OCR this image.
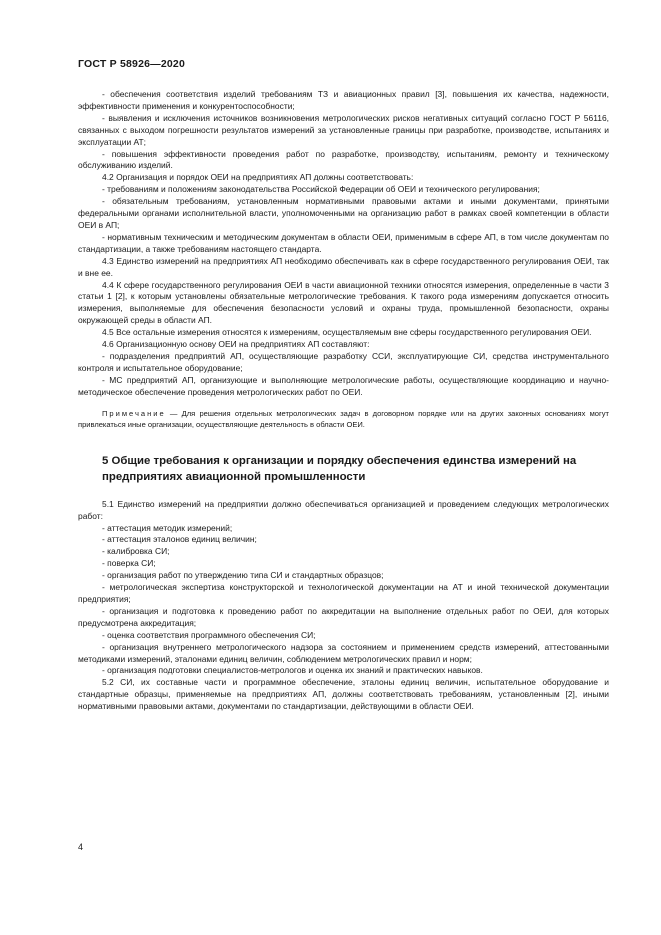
ГОСТ Р 58926—2020

- обеспечения соответствия изделий требованиям ТЗ и авиационных правил [3], повышения их качества, надежности, эффективности применения и конкурентоспособности;

- выявления и исключения источников возникновения метрологических рисков негативных ситуаций согласно ГОСТ Р 56116, связанных с выходом погрешности результатов измерений за установленные границы при разработке, производстве, испытаниях и эксплуатации АТ;

- повышения эффективности проведения работ по разработке, производству, испытаниям, ремонту и техническому обслуживанию изделий.

4.2 Организация и порядок ОЕИ на предприятиях АП должны соответствовать:

- требованиям и положениям законодательства Российской Федерации об ОЕИ и технического регулирования;

- обязательным требованиям, установленным нормативными правовыми актами и иными документами, принятыми федеральными органами исполнительной власти, уполномоченными на организацию работ в рамках своей компетенции в области ОЕИ в АП;

- нормативным техническим и методическим документам в области ОЕИ, применимым в сфере АП, в том числе документам по стандартизации, а также требованиям настоящего стандарта.

4.3 Единство измерений на предприятиях АП необходимо обеспечивать как в сфере государственного регулирования ОЕИ, так и вне ее.

4.4 К сфере государственного регулирования ОЕИ в части авиационной техники относятся измерения, определенные в части 3 статьи 1 [2], к которым установлены обязательные метрологические требования. К такого рода измерениям допускается относить измерения, выполняемые для обеспечения безопасности условий и охраны труда, промышленной безопасности, охраны окружающей среды в области АП.

4.5 Все остальные измерения относятся к измерениям, осуществляемым вне сферы государственного регулирования ОЕИ.

4.6 Организационную основу ОЕИ на предприятиях АП составляют:

- подразделения предприятий АП, осуществляющие разработку ССИ, эксплуатирующие СИ, средства инструментального контроля и испытательное оборудование;

- МС предприятий АП, организующие и выполняющие метрологические работы, осуществляющие координацию и научно-методическое обеспечение проведения метрологических работ по ОЕИ.

Примечание — Для решения отдельных метрологических задач в договорном порядке или на других законных основаниях могут привлекаться иные организации, осуществляющие деятельность в области ОЕИ.

5 Общие требования к организации и порядку обеспечения единства измерений на предприятиях авиационной промышленности

5.1 Единство измерений на предприятии должно обеспечиваться организацией и проведением следующих метрологических работ:

- аттестация методик измерений;

- аттестация эталонов единиц величин;

- калибровка СИ;

- поверка СИ;

- организация работ по утверждению типа СИ и стандартных образцов;

- метрологическая экспертиза конструкторской и технологической документации на АТ и иной технической документации предприятия;

- организация и подготовка к проведению работ по аккредитации на выполнение отдельных работ по ОЕИ, для которых предусмотрена аккредитация;

- оценка соответствия программного обеспечения СИ;

- организация внутреннего метрологического надзора за состоянием и применением средств измерений, аттестованными методиками измерений, эталонами единиц величин, соблюдением метрологических правил и норм;

- организация подготовки специалистов-метрологов и оценка их знаний и практических навыков.

5.2 СИ, их составные части и программное обеспечение, эталоны единиц величин, испытательное оборудование и стандартные образцы, применяемые на предприятиях АП, должны соответствовать требованиям, установленным [2], иными нормативными правовыми актами, документами по стандартизации, действующими в области ОЕИ.

4
